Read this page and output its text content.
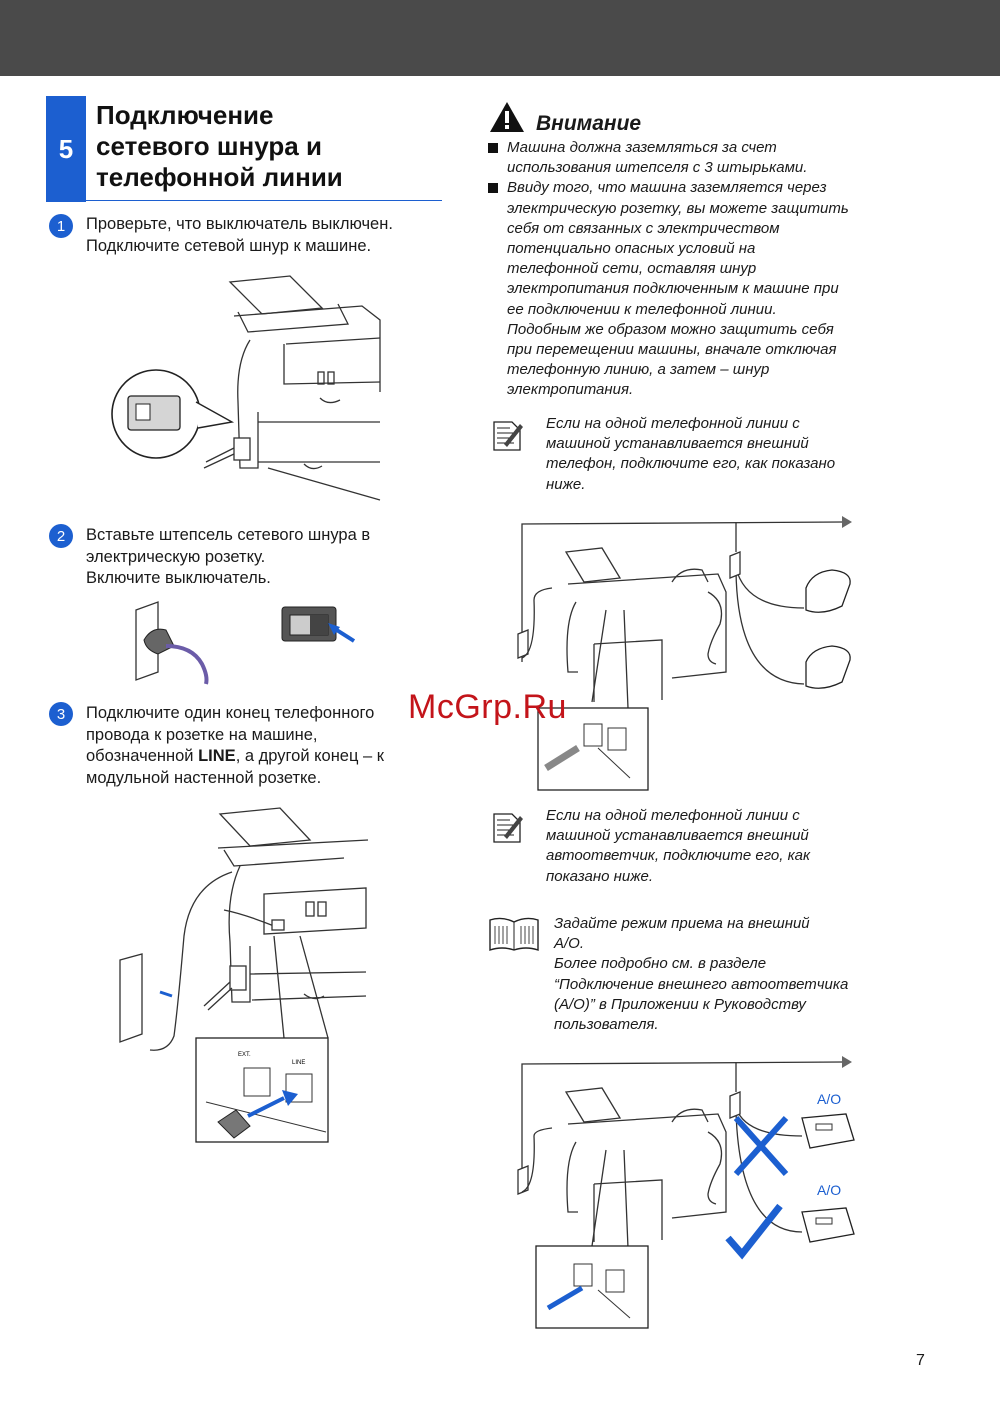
5
Подключение
сетевого шнура и
телефонной линии
1	Проверьте, что выключатель выключен.
Подключите сетевой шнур к машине.
2	Вставьте штепсель сетевого шнура в
электрическую розетку.
Включите выключатель.
3	Подключите один конец телефонного
провода к розетке на машине,
обозначенной LINE, а другой конец – к
модульной настенной розетке.
EXT.
LINE
Внимание
Машина должна заземляться за счет
использования штепселя с 3 штырьками.
Ввиду того, что машина заземляется через
электрическую розетку, вы можете защитить
себя от связанных с электричеством
потенциально опасных условий на
телефонной сети, оставляя шнур
электропитания подключенным к машине при
ее подключении к телефонной линии.
Подобным же образом можно защитить себя
при перемещении машины, вначале отключая
телефонную линию, а затем – шнур
электропитания.
Если на одной телефонной линии с
машиной устанавливается внешний
телефон, подключите его, как показано
ниже.
McGrp.Ru
Если на одной телефонной линии с
машиной устанавливается внешний
автоответчик, подключите его, как
показано ниже.
Задайте режим приема на внешний
А/О.
Более подробно см. в разделе
“Подключение внешнего автоответчика
(А/О)” в Приложении к Руководству
пользователя.
А/О
А/О
7
